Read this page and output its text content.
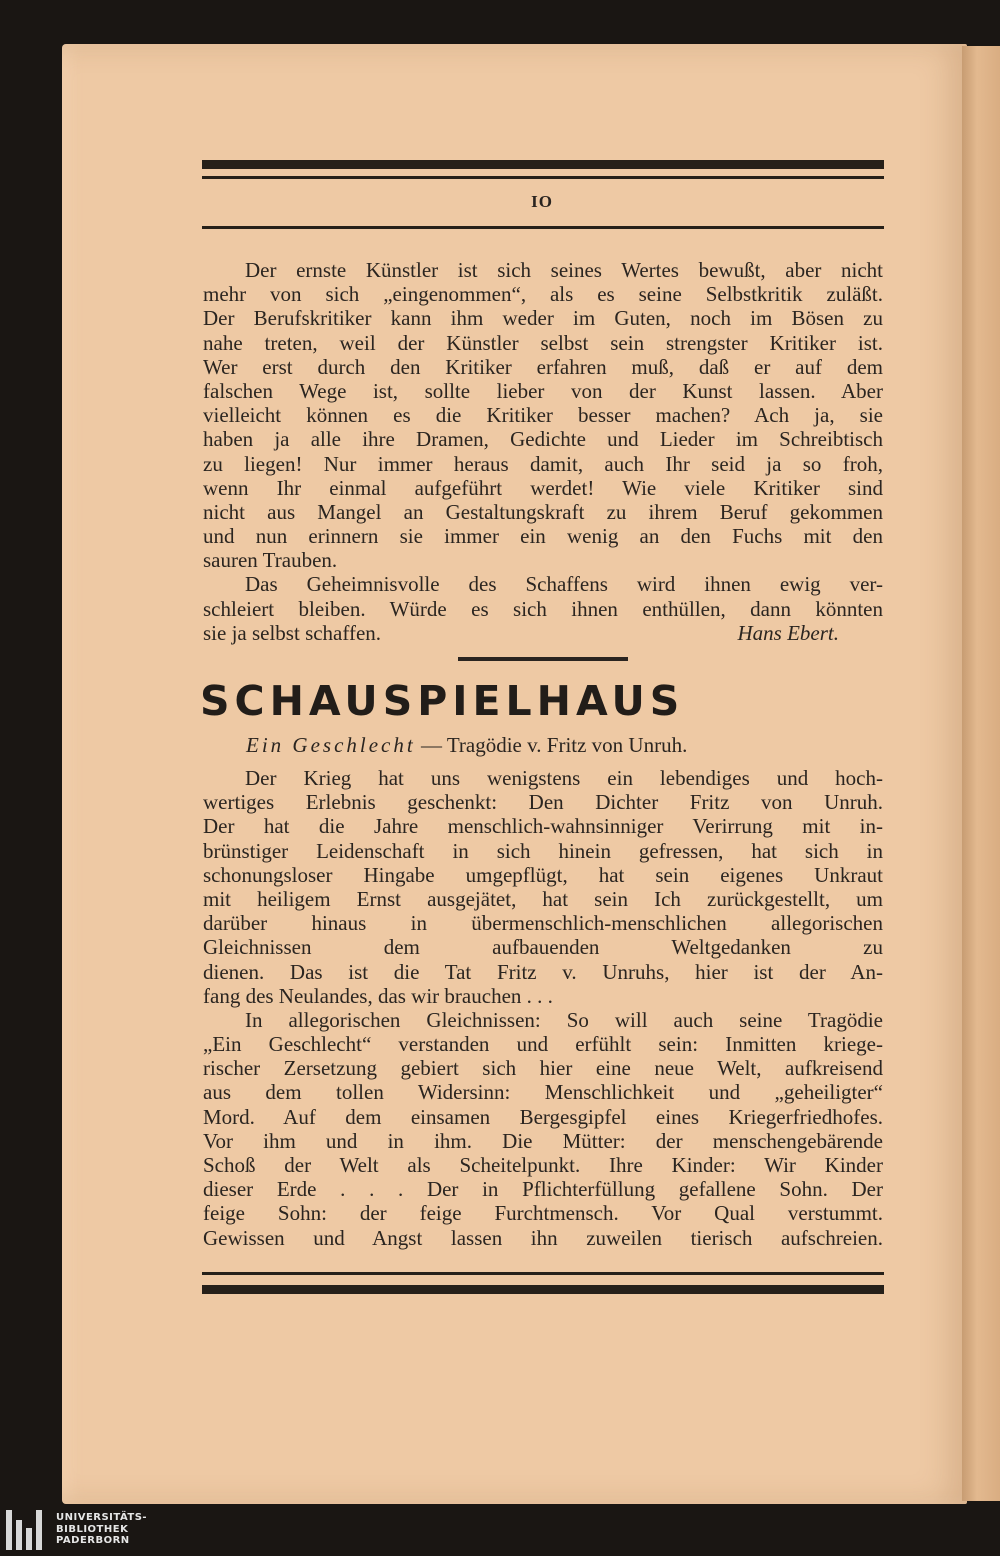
IO
Der ernste Künstler ist sich seines Wertes bewußt, aber nicht
mehr von sich „eingenommen“, als es seine Selbstkritik zuläßt.
Der Berufskritiker kann ihm weder im Guten, noch im Bösen zu
nahe treten, weil der Künstler selbst sein strengster Kritiker ist.
Wer erst durch den Kritiker erfahren muß, daß er auf dem
falschen Wege ist, sollte lieber von der Kunst lassen. Aber
vielleicht können es die Kritiker besser machen? Ach ja, sie
haben ja alle ihre Dramen, Gedichte und Lieder im Schreibtisch
zu liegen! Nur immer heraus damit, auch Ihr seid ja so froh,
wenn Ihr einmal aufgeführt werdet! Wie viele Kritiker sind
nicht aus Mangel an Gestaltungskraft zu ihrem Beruf gekommen
und nun erinnern sie immer ein wenig an den Fuchs mit den
sauren Trauben.
Das Geheimnisvolle des Schaffens wird ihnen ewig ver-
schleiert bleiben. Würde es sich ihnen enthüllen, dann könnten
sie ja selbst schaffen.	Hans Ebert.
SCHAUSPIELHAUS
Ein Geschlecht — Tragödie v. Fritz von Unruh.
Der Krieg hat uns wenigstens ein lebendiges und hoch-
wertiges Erlebnis geschenkt: Den Dichter Fritz von Unruh.
Der hat die Jahre menschlich-wahnsinniger Verirrung mit in-
brünstiger Leidenschaft in sich hinein gefressen, hat sich in
schonungsloser Hingabe umgepflügt, hat sein eigenes Unkraut
mit heiligem Ernst ausgejätet, hat sein Ich zurückgestellt, um
darüber hinaus in übermenschlich-menschlichen allegorischen
Gleichnissen dem aufbauenden Weltgedanken zu
dienen. Das ist die Tat Fritz v. Unruhs, hier ist der An-
fang des Neulandes, das wir brauchen . . .
In allegorischen Gleichnissen: So will auch seine Tragödie
„Ein Geschlecht“ verstanden und erfühlt sein: Inmitten kriege-
rischer Zersetzung gebiert sich hier eine neue Welt, aufkreisend
aus dem tollen Widersinn: Menschlichkeit und „geheiligter“
Mord. Auf dem einsamen Bergesgipfel eines Kriegerfriedhofes.
Vor ihm und in ihm. Die Mütter: der menschengebärende
Schoß der Welt als Scheitelpunkt. Ihre Kinder: Wir Kinder
dieser Erde . . . Der in Pflichterfüllung gefallene Sohn. Der
feige Sohn: der feige Furchtmensch. Vor Qual verstummt.
Gewissen und Angst lassen ihn zuweilen tierisch aufschreien.
UNIVERSITÄTS-
BIBLIOTHEK
PADERBORN
